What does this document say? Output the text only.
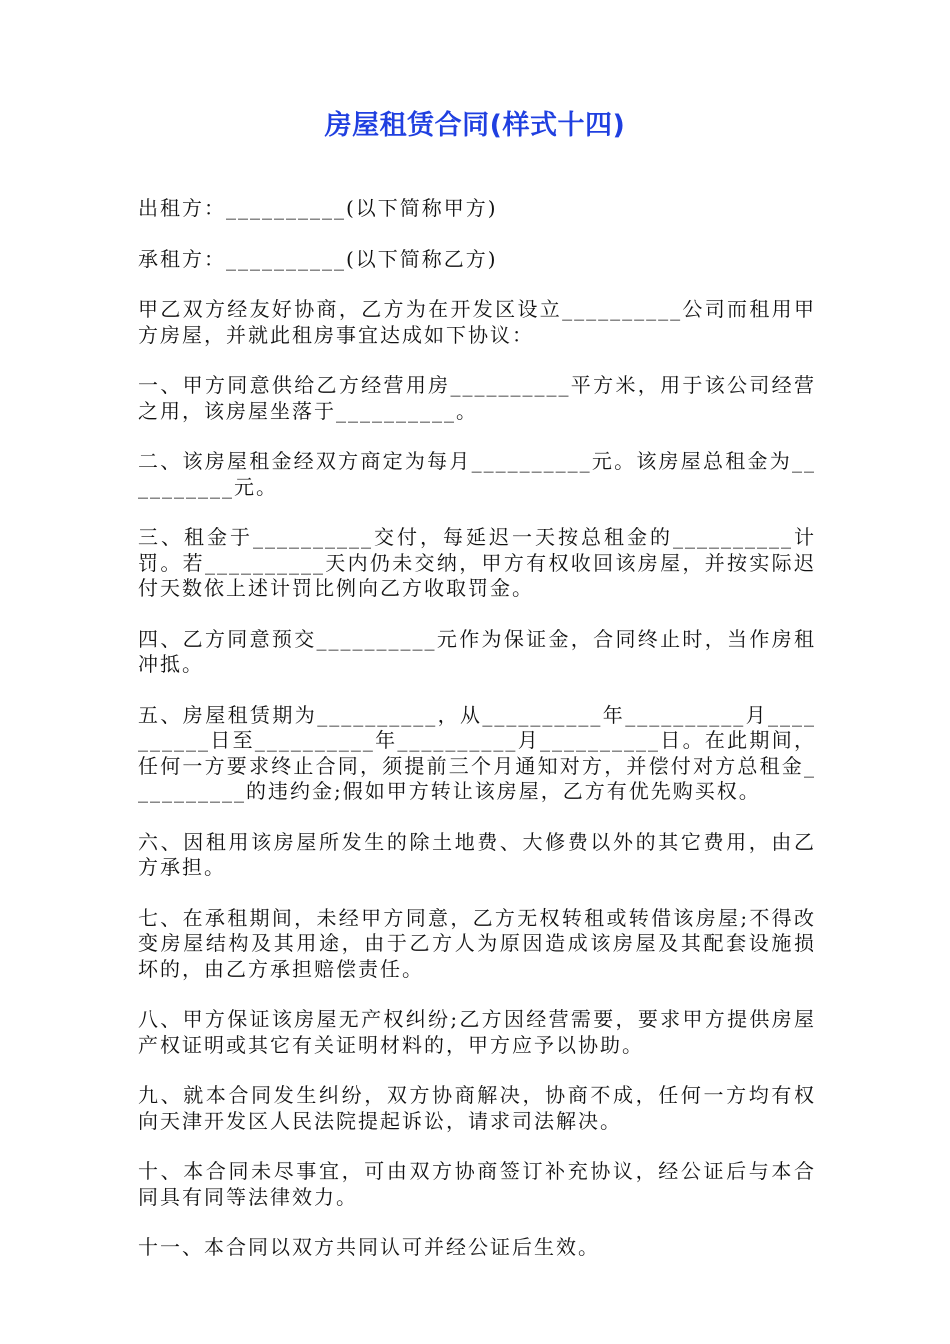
房屋租赁合同(样式十四)

出租方：__________(以下简称甲方)

承租方：__________(以下简称乙方)

甲乙双方经友好协商，乙方为在开发区设立__________公司而租用甲方房屋，并就此租房事宜达成如下协议：

一、甲方同意供给乙方经营用房__________平方米，用于该公司经营之用，该房屋坐落于__________。

二、该房屋租金经双方商定为每月__________元。该房屋总租金为__________元。

三、租金于__________交付，每延迟一天按总租金的__________计罚。若__________天内仍未交纳，甲方有权收回该房屋，并按实际迟付天数依上述计罚比例向乙方收取罚金。

四、乙方同意预交__________元作为保证金，合同终止时，当作房租冲抵。

五、房屋租赁期为__________，从__________年__________月__________日至__________年__________月__________日。在此期间，任何一方要求终止合同，须提前三个月通知对方，并偿付对方总租金__________的违约金;假如甲方转让该房屋，乙方有优先购买权。

六、因租用该房屋所发生的除土地费、大修费以外的其它费用，由乙方承担。

七、在承租期间，未经甲方同意，乙方无权转租或转借该房屋;不得改变房屋结构及其用途，由于乙方人为原因造成该房屋及其配套设施损坏的，由乙方承担赔偿责任。

八、甲方保证该房屋无产权纠纷;乙方因经营需要，要求甲方提供房屋产权证明或其它有关证明材料的，甲方应予以协助。

九、就本合同发生纠纷，双方协商解决，协商不成，任何一方均有权向天津开发区人民法院提起诉讼，请求司法解决。

十、本合同未尽事宜，可由双方协商签订补充协议，经公证后与本合同具有同等法律效力。

十一、本合同以双方共同认可并经公证后生效。
